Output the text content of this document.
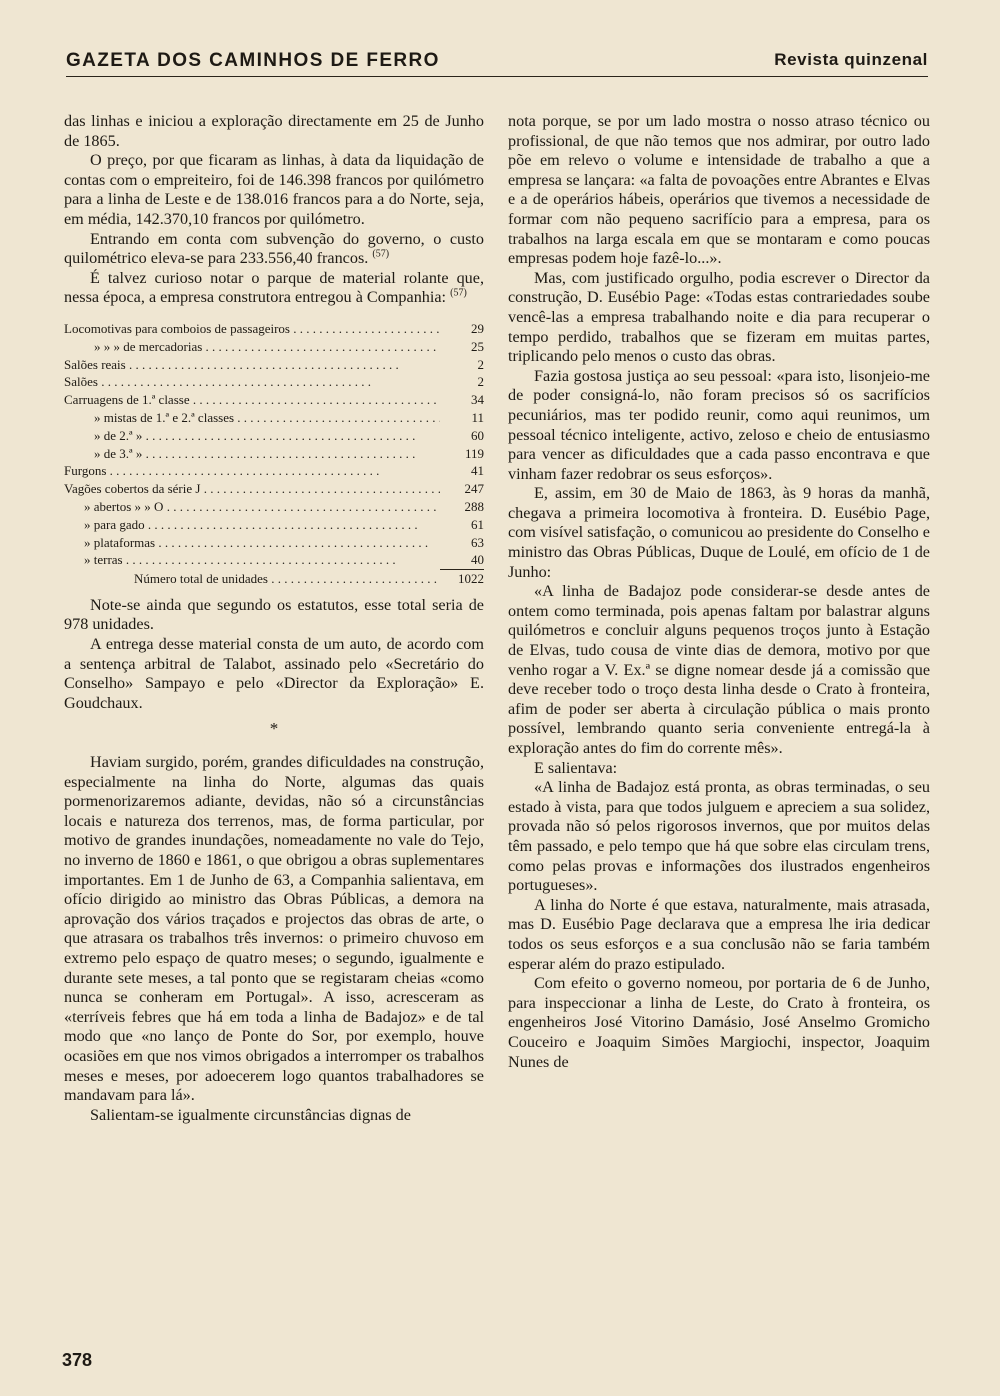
GAZETA DOS CAMINHOS DE FERRO	Revista quinzenal

das linhas e iniciou a exploração directamente em 25 de Junho de 1865.

O preço, por que ficaram as linhas, à data da liquidação de contas com o empreiteiro, foi de 146.398 francos por quilómetro para a linha de Leste e de 138.016 francos para a do Norte, seja, em média, 142.370,10 francos por quilómetro.

Entrando em conta com subvenção do governo, o custo quilométrico eleva-se para 233.556,40 francos. $^{(57)}$

É talvez curioso notar o parque de material rolante que, nessa época, a empresa construtora entregou à Companhia: $^{(57)}$

Locomotivas para comboios de passageiros . . .	29
» » » de mercadorias . . .	25
Salões reais . . .	2
Salões . . .	2
Carruagens de 1.ª classe . . .	34
» mistas de 1.ª e 2.ª classes . . .	11
» de 2.ª » . . .	60
» de 3.ª » . . .	119
Furgons . . .	41
Vagões cobertos da série J . . .	247
» abertos » » O . . .	288
» para gado . . .	61
» plataformas . . .	63
» terras . . .	40
Número total de unidades . . .	1022

Note-se ainda que segundo os estatutos, esse total seria de 978 unidades.

A entrega desse material consta de um auto, de acordo com a sentença arbitral de Talabot, assinado pelo «Secretário do Conselho» Sampayo e pelo «Director da Exploração» E. Goudchaux.

*

Haviam surgido, porém, grandes dificuldades na construção, especialmente na linha do Norte, algumas das quais pormenorizaremos adiante, devidas, não só a circunstâncias locais e natureza dos terrenos, mas, de forma particular, por motivo de grandes inundações, nomeadamente no vale do Tejo, no inverno de 1860 e 1861, o que obrigou a obras suplementares importantes. Em 1 de Junho de 63, a Companhia salientava, em ofício dirigido ao ministro das Obras Públicas, a demora na aprovação dos vários traçados e projectos das obras de arte, o que atrasara os trabalhos três invernos: o primeiro chuvoso em extremo pelo espaço de quatro meses; o segundo, igualmente e durante sete meses, a tal ponto que se registaram cheias «como nunca se conheram em Portugal». A isso, acresceram as «terríveis febres que há em toda a linha de Badajoz» e de tal modo que «no lanço de Ponte do Sor, por exemplo, houve ocasiões em que nos vimos obrigados a interromper os trabalhos meses e meses, por adoecerem logo quantos trabalhadores se mandavam para lá».

Salientam-se igualmente circunstâncias dignas de

nota porque, se por um lado mostra o nosso atraso técnico ou profissional, de que não temos que nos admirar, por outro lado põe em relevo o volume e intensidade de trabalho a que a empresa se lançara: «a falta de povoações entre Abrantes e Elvas e a de operários hábeis, operários que tivemos a necessidade de formar com não pequeno sacrifício para a empresa, para os trabalhos na larga escala em que se montaram e como poucas empresas podem hoje fazê-lo...».

Mas, com justificado orgulho, podia escrever o Director da construção, D. Eusébio Page: «Todas estas contrariedades soube vencê-las a empresa trabalhando noite e dia para recuperar o tempo perdido, trabalhos que se fizeram em muitas partes, triplicando pelo menos o custo das obras.

Fazia gostosa justiça ao seu pessoal: «para isto, lisonjeio-me de poder consigná-lo, não foram precisos só os sacrifícios pecuniários, mas ter podido reunir, como aqui reunimos, um pessoal técnico inteligente, activo, zeloso e cheio de entusiasmo para vencer as dificuldades que a cada passo encontrava e que vinham fazer redobrar os seus esforços».

E, assim, em 30 de Maio de 1863, às 9 horas da manhã, chegava a primeira locomotiva à fronteira. D. Eusébio Page, com visível satisfação, o comunicou ao presidente do Conselho e ministro das Obras Públicas, Duque de Loulé, em ofício de 1 de Junho:

«A linha de Badajoz pode considerar-se desde antes de ontem como terminada, pois apenas faltam por balastrar alguns quilómetros e concluir alguns pequenos troços junto à Estação de Elvas, tudo cousa de vinte dias de demora, motivo por que venho rogar a V. Ex.ª se digne nomear desde já a comissão que deve receber todo o troço desta linha desde o Crato à fronteira, afim de poder ser aberta à circulação pública o mais pronto possível, lembrando quanto seria conveniente entregá-la à exploração antes do fim do corrente mês».

E salientava:

«A linha de Badajoz está pronta, as obras terminadas, o seu estado à vista, para que todos julguem e apreciem a sua solidez, provada não só pelos rigorosos invernos, que por muitos delas têm passado, e pelo tempo que há que sobre elas circulam trens, como pelas provas e informações dos ilustrados engenheiros portugueses».

A linha do Norte é que estava, naturalmente, mais atrasada, mas D. Eusébio Page declarava que a empresa lhe iria dedicar todos os seus esforços e a sua conclusão não se faria também esperar além do prazo estipulado.

Com efeito o governo nomeou, por portaria de 6 de Junho, para inspeccionar a linha de Leste, do Crato à fronteira, os engenheiros José Vitorino Damásio, José Anselmo Gromicho Couceiro e Joaquim Simões Margiochi, inspector, Joaquim Nunes de

378
